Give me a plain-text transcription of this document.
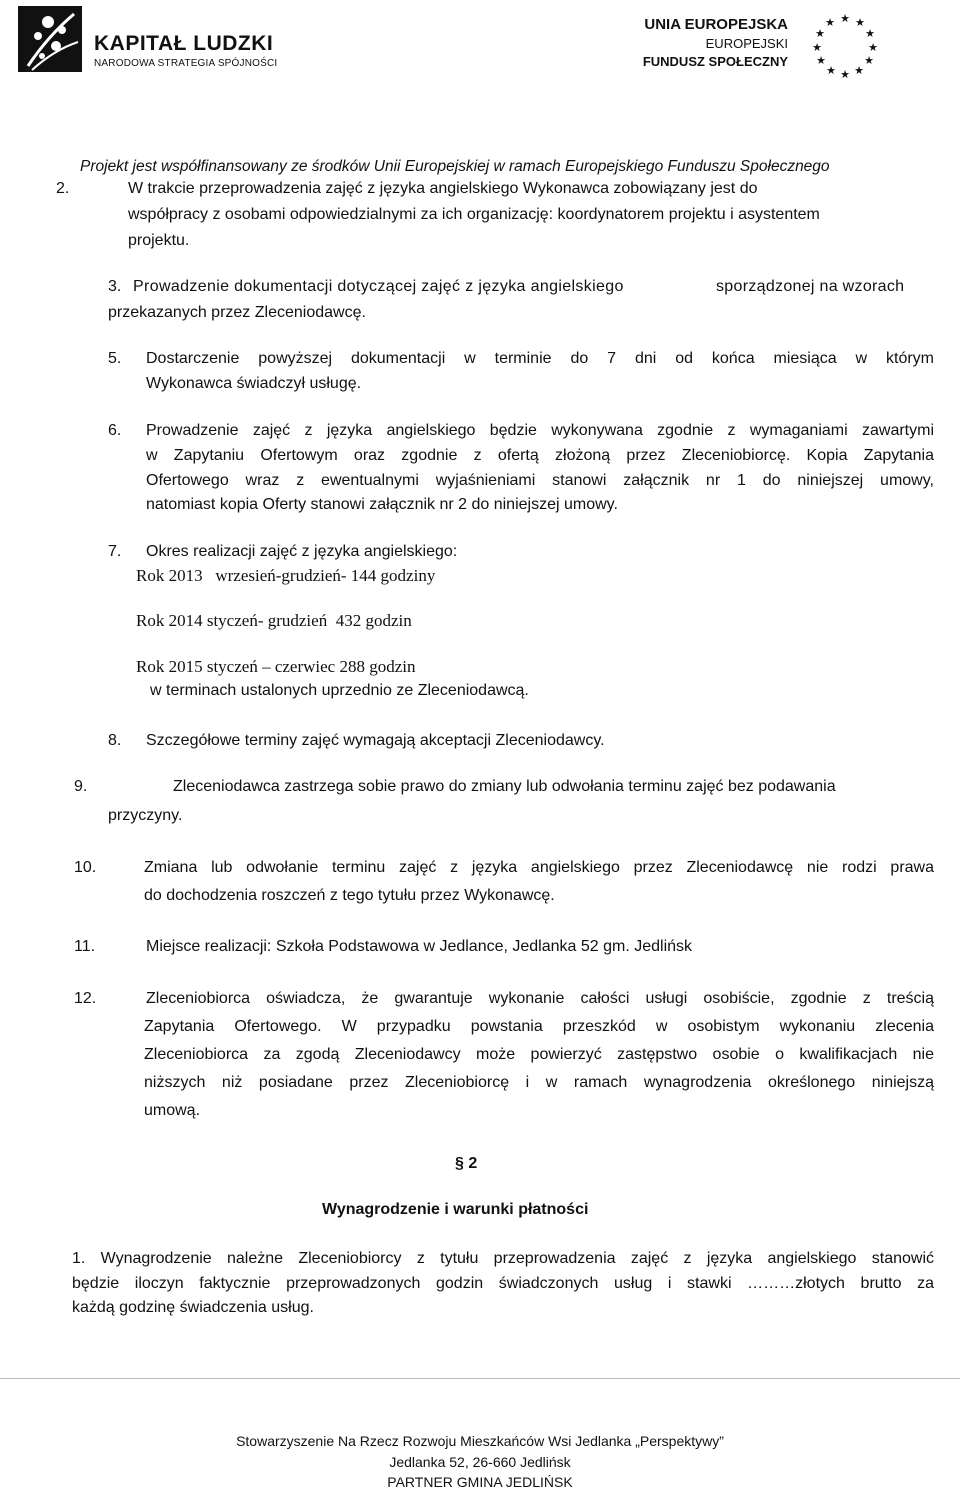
KAPITAŁ LUDZKI
NARODOWA STRATEGIA SPÓJNOŚCI
UNIA EUROPEJSKA
EUROPEJSKI
FUNDUSZ SPOŁECZNY
★ ★
★
★
★
★
★
★
★
★
★
★
Projekt jest współfinansowany ze środków Unii Europejskiej w ramach Europejskiego Funduszu Społecznego
2.	W trakcie przeprowadzenia zajęć z języka angielskiego Wykonawca zobowiązany jest do
współpracy z osobami odpowiedzialnymi za ich organizację: koordynatorem projektu i asystentem
projektu.
3. Prowadzenie dokumentacji dotyczącej zajęć z języka angielskiego	sporządzonej na wzorach
przekazanych przez Zleceniodawcę.
5. Dostarczenie powyższej dokumentacji w terminie do 7 dni od końca miesiąca w którym
Wykonawca świadczył usługę.
6. Prowadzenie zajęć z języka angielskiego będzie wykonywana zgodnie z wymaganiami zawartymi
w Zapytaniu Ofertowym oraz zgodnie z ofertą złożoną przez Zleceniobiorcę. Kopia Zapytania
Ofertowego wraz z ewentualnymi wyjaśnieniami stanowi załącznik nr 1 do niniejszej umowy,
natomiast kopia Oferty stanowi załącznik nr 2 do niniejszej umowy.
7. Okres realizacji zajęć z języka angielskiego:
Rok 2013   wrzesień-grudzień- 144 godziny
Rok 2014 styczeń- grudzień  432 godzin
Rok 2015 styczeń – czerwiec 288 godzin
w terminach ustalonych uprzednio ze Zleceniodawcą.
8. Szczegółowe terminy zajęć wymagają akceptacji Zleceniodawcy.
9.	Zleceniodawca zastrzega sobie prawo do zmiany lub odwołania terminu zajęć bez podawania
przyczyny.
10.	Zmiana lub odwołanie terminu zajęć z języka angielskiego przez Zleceniodawcę nie rodzi prawa
do dochodzenia roszczeń z tego tytułu przez Wykonawcę.
11.	Miejsce realizacji: Szkoła Podstawowa w Jedlance, Jedlanka 52 gm. Jedlińsk
12.	Zleceniobiorca oświadcza, że gwarantuje wykonanie całości usługi osobiście, zgodnie z treścią
Zapytania Ofertowego. W przypadku powstania przeszkód w osobistym wykonaniu zlecenia
Zleceniobiorca za zgodą Zleceniodawcy może powierzyć zastępstwo osobie o kwalifikacjach nie
niższych niż posiadane przez Zleceniobiorcę i w ramach wynagrodzenia określonego niniejszą
umową.
§ 2
Wynagrodzenie i warunki płatności
1. Wynagrodzenie należne Zleceniobiorcy z tytułu przeprowadzenia zajęć z języka angielskiego stanowić
będzie iloczyn faktycznie przeprowadzonych godzin świadczonych usług i stawki ………złotych brutto za
każdą godzinę świadczenia usług.
Stowarzyszenie Na Rzecz Rozwoju Mieszkańców Wsi Jedlanka „Perspektywy”
Jedlanka 52, 26-660 Jedlińsk
PARTNER GMINA JEDLIŃSK
